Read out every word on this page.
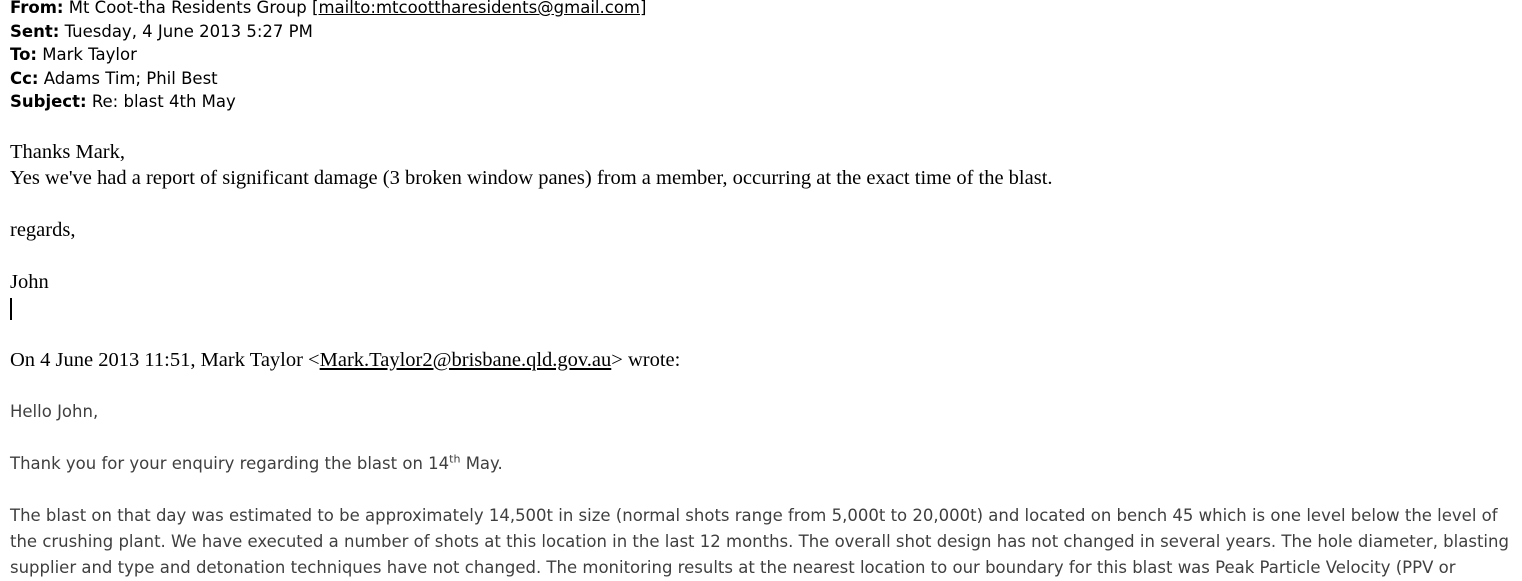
From: Mt Coot-tha Residents Group [mailto:mtcoottharesidents@gmail.com]
Sent: Tuesday, 4 June 2013 5:27 PM
To: Mark Taylor
Cc: Adams Tim; Phil Best
Subject: Re: blast 4th May
Thanks Mark,
Yes we've had a report of significant damage (3 broken window panes) from a member, occurring at the exact time of the blast.
regards,
John
On 4 June 2013 11:51, Mark Taylor <Mark.Taylor2@brisbane.qld.gov.au> wrote:
Hello John,
Thank you for your enquiry regarding the blast on 14th May.
The blast on that day was estimated to be approximately 14,500t in size (normal shots range from 5,000t to 20,000t) and located on bench 45 which is one level below the level of the crushing plant. We have executed a number of shots at this location in the last 12 months. The overall shot design has not changed in several years. The hole diameter, blasting supplier and type and detonation techniques have not changed. The monitoring results at the nearest location to our boundary for this blast was Peak Particle Velocity (PPV or
